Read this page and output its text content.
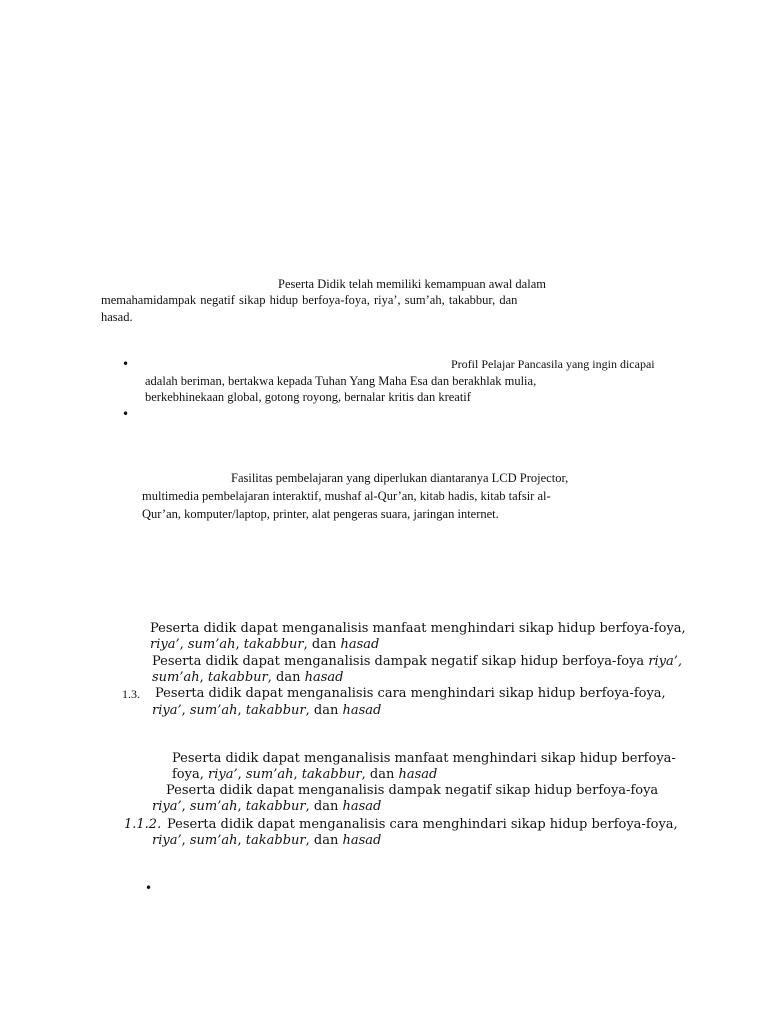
Peserta Didik telah memiliki kemampuan awal dalam
memahamidampak negatif sikap hidup berfoya-foya, riya’, sum’ah, takabbur, dan
hasad.
•	Profil Pelajar Pancasila yang ingin dicapai
adalah beriman, bertakwa kepada Tuhan Yang Maha Esa dan berakhlak mulia,
berkebhinekaan global, gotong royong, bernalar kritis dan kreatif
•
Fasilitas pembelajaran yang diperlukan diantaranya LCD Projector,
multimedia pembelajaran interaktif, mushaf al-Qur’an, kitab hadis, kitab tafsir al-
Qur’an, komputer/laptop, printer, alat pengeras suara, jaringan internet.
Peserta didik dapat menganalisis manfaat menghindari sikap hidup berfoya-foya,
riya’, sum’ah, takabbur, dan hasad
Peserta didik dapat menganalisis dampak negatif sikap hidup berfoya-foya riya’,
sum’ah, takabbur, dan hasad
1.3. Peserta didik dapat menganalisis cara menghindari sikap hidup berfoya-foya,
riya’, sum’ah, takabbur, dan hasad
Peserta didik dapat menganalisis manfaat menghindari sikap hidup berfoya-
foya, riya’, sum’ah, takabbur, dan hasad
Peserta didik dapat menganalisis dampak negatif sikap hidup berfoya-foya
riya’, sum’ah, takabbur, dan hasad
1.1.2. Peserta didik dapat menganalisis cara menghindari sikap hidup berfoya-foya,
riya’, sum’ah, takabbur, dan hasad
•
